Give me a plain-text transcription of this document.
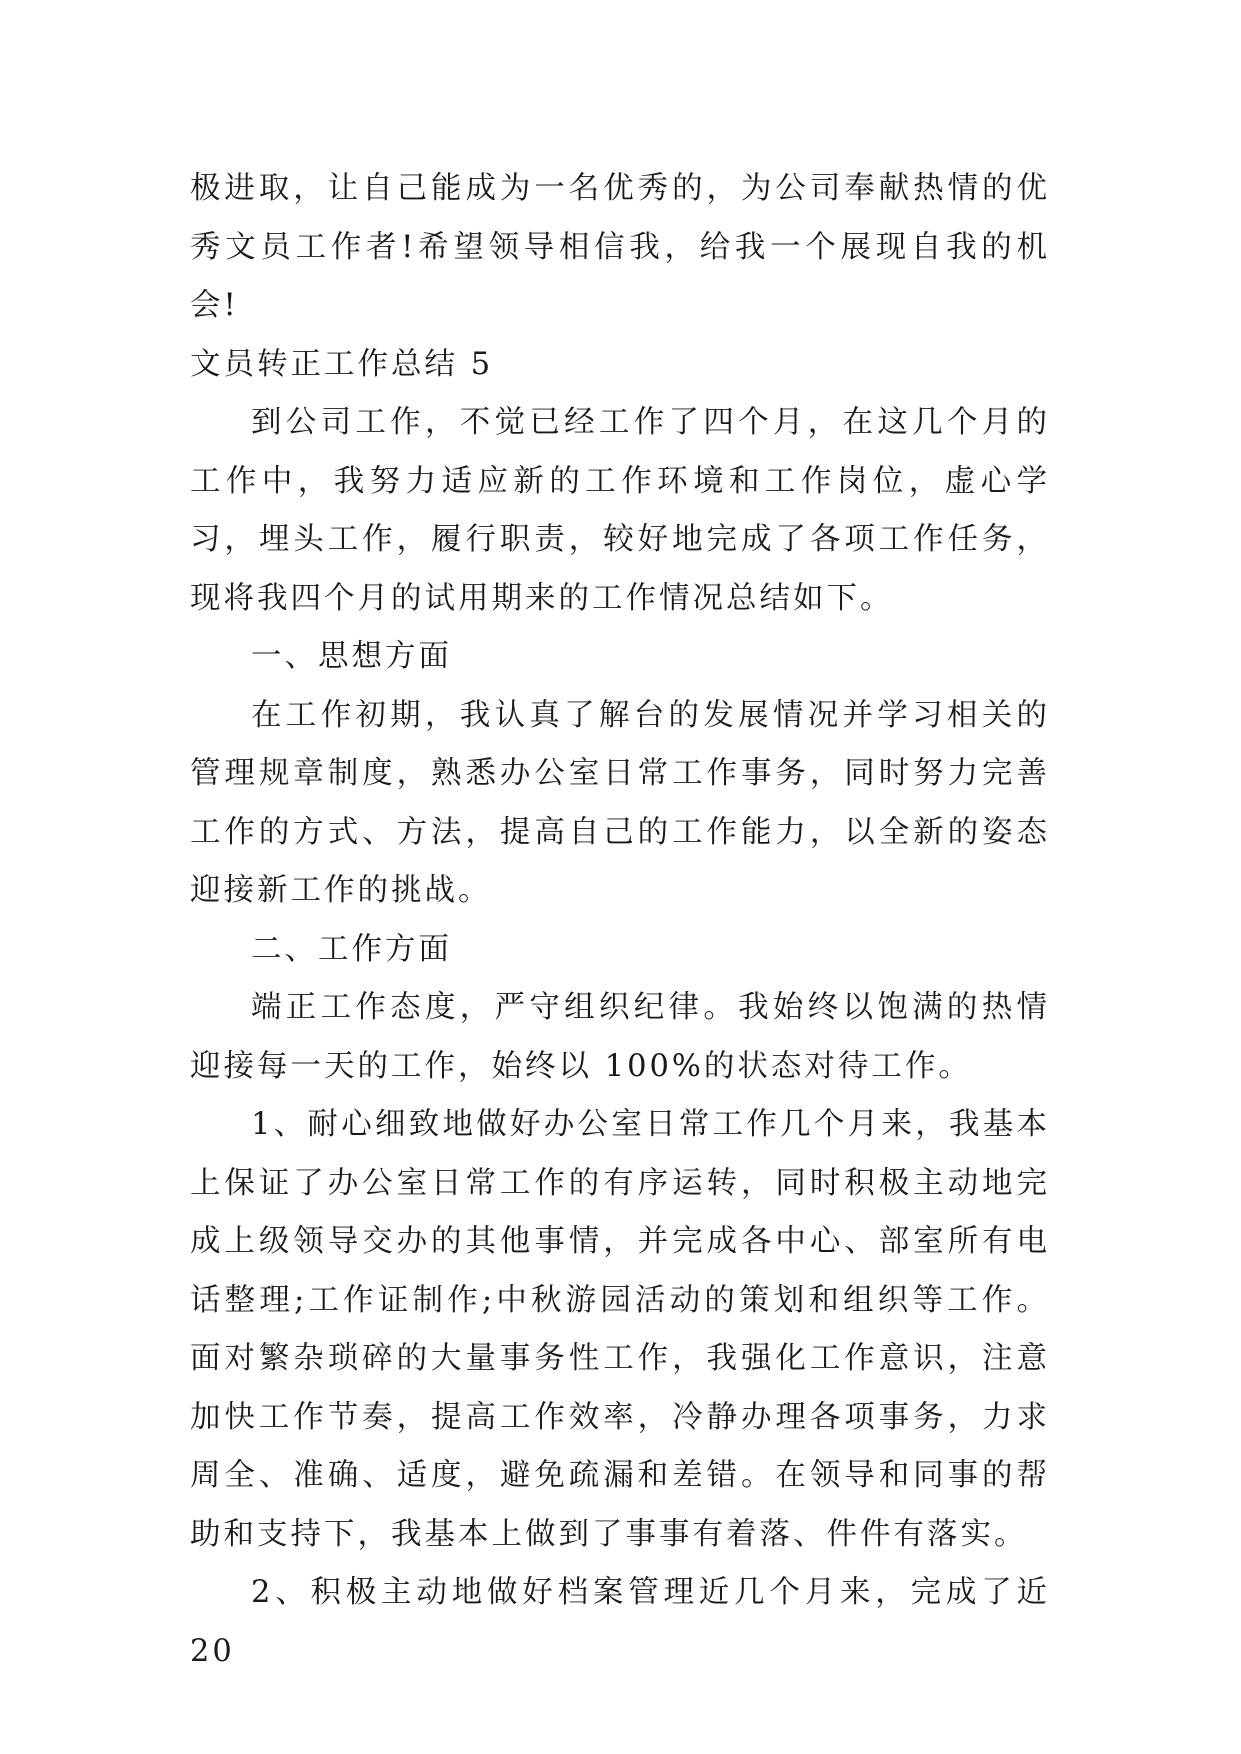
极进取，让自己能成为一名优秀的，为公司奉献热情的优秀文员工作者!希望领导相信我，给我一个展现自我的机会!

文员转正工作总结 5

到公司工作，不觉已经工作了四个月，在这几个月的工作中，我努力适应新的工作环境和工作岗位，虚心学习，埋头工作，履行职责，较好地完成了各项工作任务，现将我四个月的试用期来的工作情况总结如下。

一、思想方面

在工作初期，我认真了解台的发展情况并学习相关的管理规章制度，熟悉办公室日常工作事务，同时努力完善工作的方式、方法，提高自己的工作能力，以全新的姿态迎接新工作的挑战。

二、工作方面

端正工作态度，严守组织纪律。我始终以饱满的热情迎接每一天的工作，始终以 100%的状态对待工作。

1、耐心细致地做好办公室日常工作几个月来，我基本上保证了办公室日常工作的有序运转，同时积极主动地完成上级领导交办的其他事情，并完成各中心、部室所有电话整理;工作证制作;中秋游园活动的策划和组织等工作。面对繁杂琐碎的大量事务性工作，我强化工作意识，注意加快工作节奏，提高工作效率，冷静办理各项事务，力求周全、准确、适度，避免疏漏和差错。在领导和同事的帮助和支持下，我基本上做到了事事有着落、件件有落实。

2、积极主动地做好档案管理近几个月来，完成了近 20
